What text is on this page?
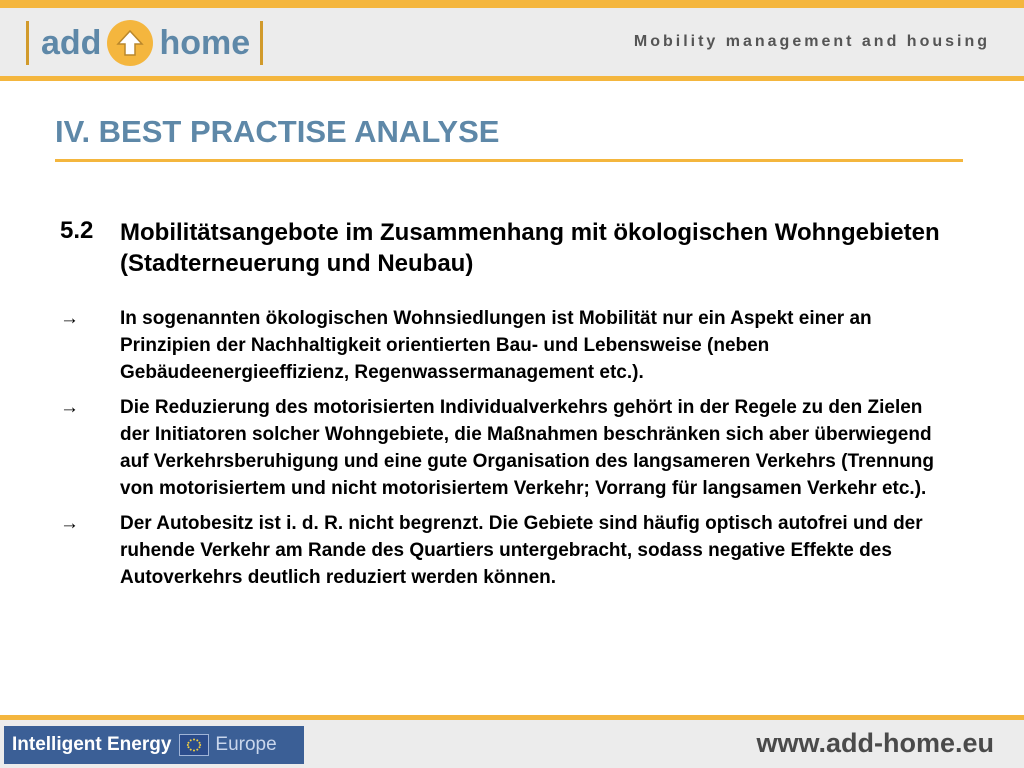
add home	Mobility management and housing
IV. BEST PRACTISE ANALYSE
5.2 Mobilitätsangebote im Zusammenhang mit ökologischen Wohngebieten (Stadterneuerung und Neubau)
→ In sogenannten ökologischen Wohnsiedlungen ist Mobilität nur ein Aspekt einer an Prinzipien der Nachhaltigkeit orientierten Bau- und Lebensweise (neben Gebäudeenergieeffizienz, Regenwassermanagement etc.).
→ Die Reduzierung des motorisierten Individualverkehrs gehört in der Regele zu den Zielen der Initiatoren solcher Wohngebiete, die Maßnahmen beschränken sich aber überwiegend auf Verkehrsberuhigung und eine gute Organisation des langsameren Verkehrs (Trennung von motorisiertem und nicht motorisiertem Verkehr; Vorrang für langsamen Verkehr etc.).
→ Der Autobesitz ist i. d. R. nicht begrenzt. Die Gebiete sind häufig optisch autofrei und der ruhende Verkehr am Rande des Quartiers untergebracht, sodass negative Effekte des Autoverkehrs deutlich reduziert werden können.
Intelligent Energy Europe	www.add-home.eu
